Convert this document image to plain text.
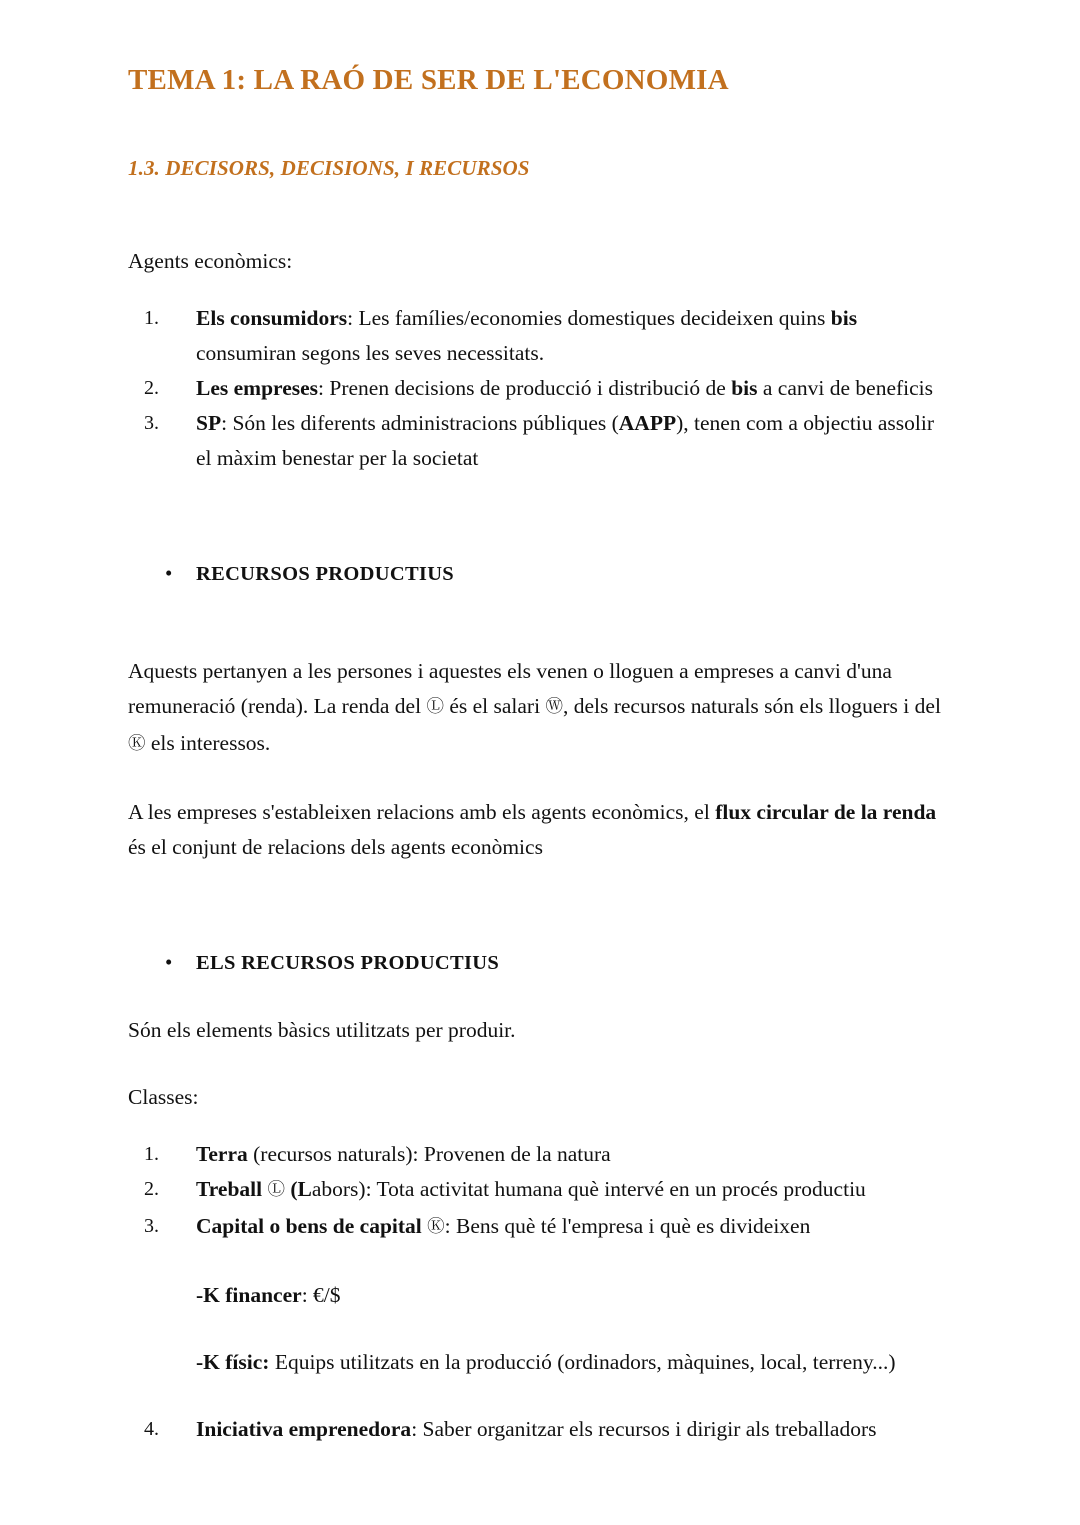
TEMA 1: LA RAÓ DE SER DE L'ECONOMIA
1.3. DECISORS, DECISIONS, I RECURSOS

Agents econòmics:

1. Els consumidors: Les famílies/economies domestiques decideixen quins bis consumiran segons les seves necessitats.
2. Les empreses: Prenen decisions de producció i distribució de bis a canvi de beneficis
3. SP: Són les diferents administracions públiques (AAPP), tenen com a objectiu assolir el màxim benestar per la societat
• RECURSOS PRODUCTIUS

Aquests pertanyen a les persones i aquestes els venen o lloguen a empreses a canvi d'una remuneració (renda). La renda del Ⓛ és el salari Ⓦ, dels recursos naturals són els lloguers i del Ⓚ els interessos.

A les empreses s'estableixen relacions amb els agents econòmics, el flux circular de la renda és el conjunt de relacions dels agents econòmics

• ELS RECURSOS PRODUCTIUS

Són els elements bàsics utilitzats per produir.

Classes:

1. Terra (recursos naturals): Provenen de la natura
2. Treball Ⓛ (Labors): Tota activitat humana què intervé en un procés productiu
3. Capital o bens de capital Ⓚ: Bens què té l'empresa i què es divideixen

-K financer: €/$

-K físic: Equips utilitzats en la producció (ordinadors, màquines, local, terreny...)

4. Iniciativa emprenedora: Saber organitzar els recursos i dirigir als treballadors
